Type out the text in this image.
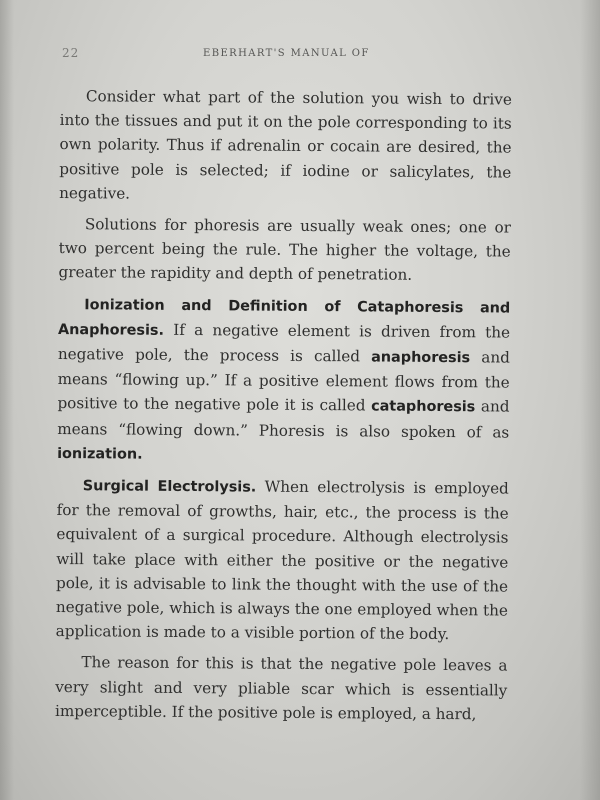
22	EBERHART'S MANUAL OF

Consider what part of the solution you wish to drive into the tissues and put it on the pole corresponding to its own polarity. Thus if adrenalin or cocain are desired, the positive pole is selected; if iodine or salicylates, the negative.

Solutions for phoresis are usually weak ones; one or two percent being the rule. The higher the voltage, the greater the rapidity and depth of penetration.

Ionization and Definition of Cataphoresis and Anaphoresis. If a negative element is driven from the negative pole, the process is called anaphoresis and means “flowing up.” If a positive element flows from the positive to the negative pole it is called cataphoresis and means “flowing down.” Phoresis is also spoken of as ionization.

Surgical Electrolysis. When electrolysis is employed for the removal of growths, hair, etc., the process is the equivalent of a surgical procedure. Although electrolysis will take place with either the positive or the negative pole, it is advisable to link the thought with the use of the negative pole, which is always the one employed when the application is made to a visible portion of the body.

The reason for this is that the negative pole leaves a very slight and very pliable scar which is essentially imperceptible. If the positive pole is employed, a hard,
